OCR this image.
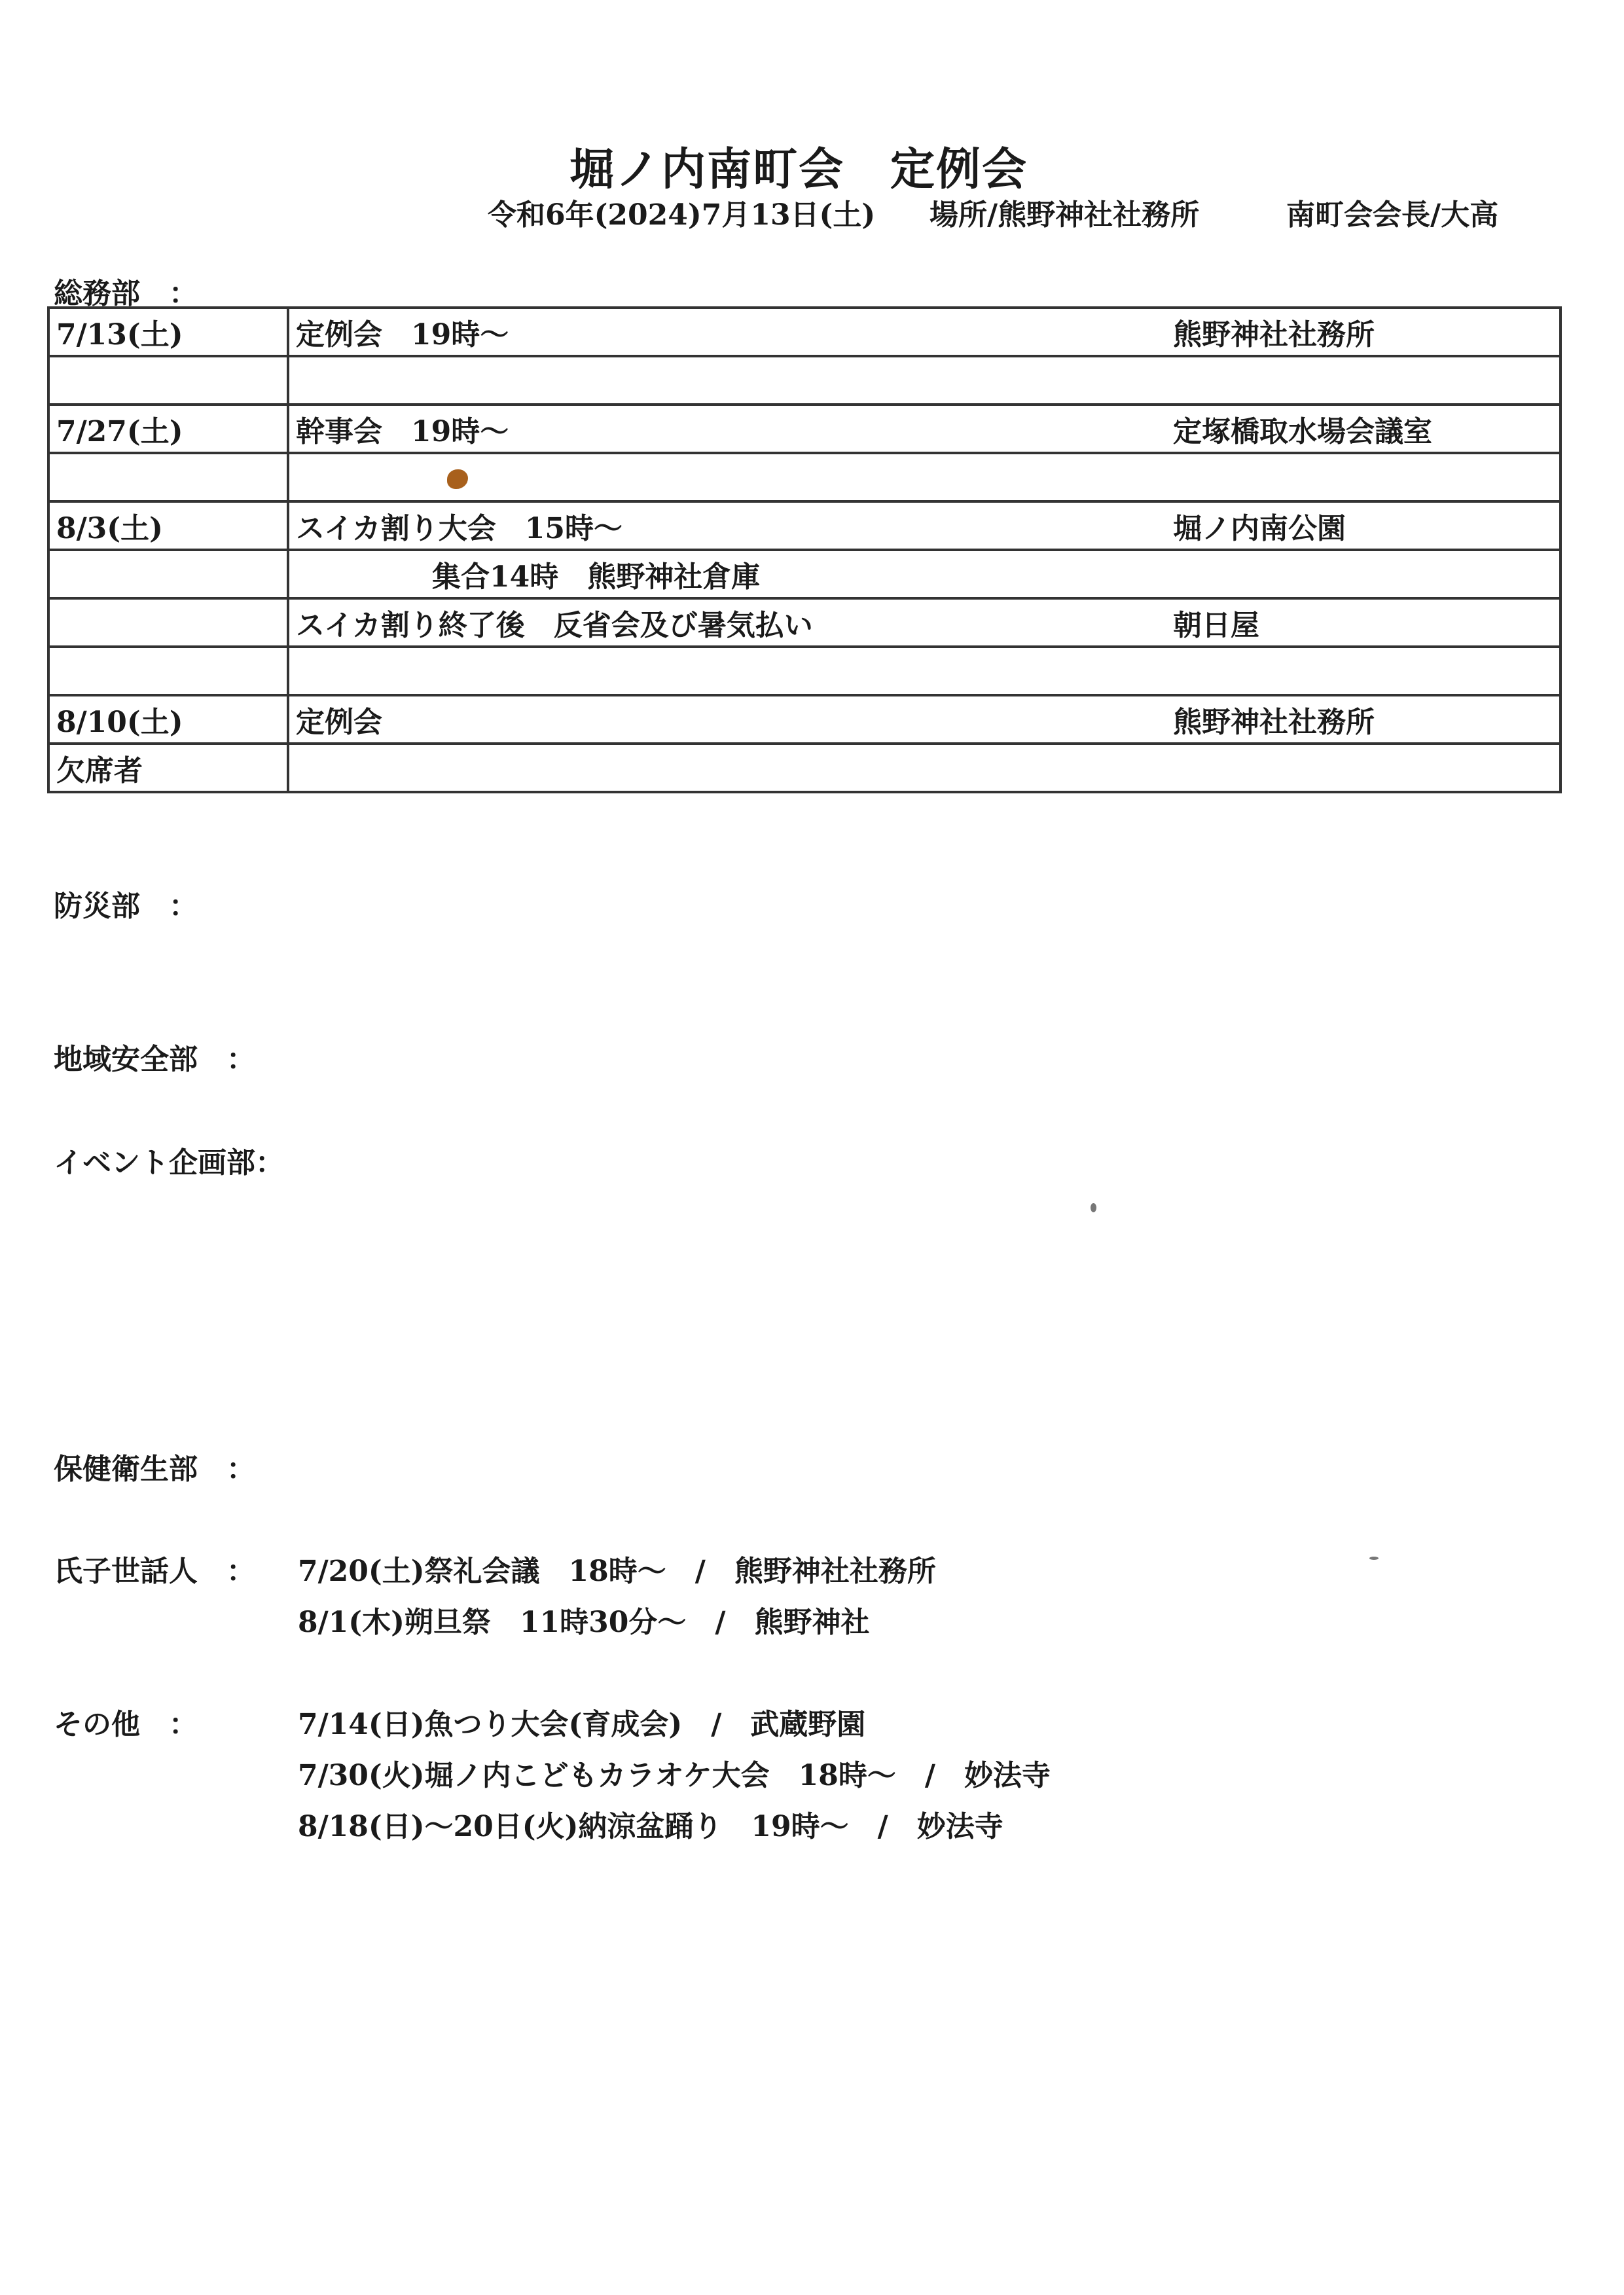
堀ノ内南町会　定例会
令和6年(2024)7月13日(土) 場所/熊野神社社務所	南町会会長/大高
総務部　：
7/13(土)	定例会　19時～	熊野神社社務所

7/27(土)	幹事会　19時～	定塚橋取水場会議室

8/3(土)	スイカ割り大会　15時～	堀ノ内南公園
	集合14時　熊野神社倉庫	
	スイカ割り終了後　反省会及び暑気払い	朝日屋

8/10(土)	定例会	熊野神社社務所
欠席者		
防災部　：
地域安全部　：
イベント企画部：
保健衛生部　：
氏子世話人　： 7/20(土)祭礼会議　18時～　/　熊野神社社務所
8/1(木)朔旦祭　11時30分～　/　熊野神社
その他　：	7/14(日)魚つり大会(育成会)　/　武蔵野園
7/30(火)堀ノ内こどもカラオケ大会　18時～　/　妙法寺
8/18(日)～20日(火)納涼盆踊り　19時～　/　妙法寺
